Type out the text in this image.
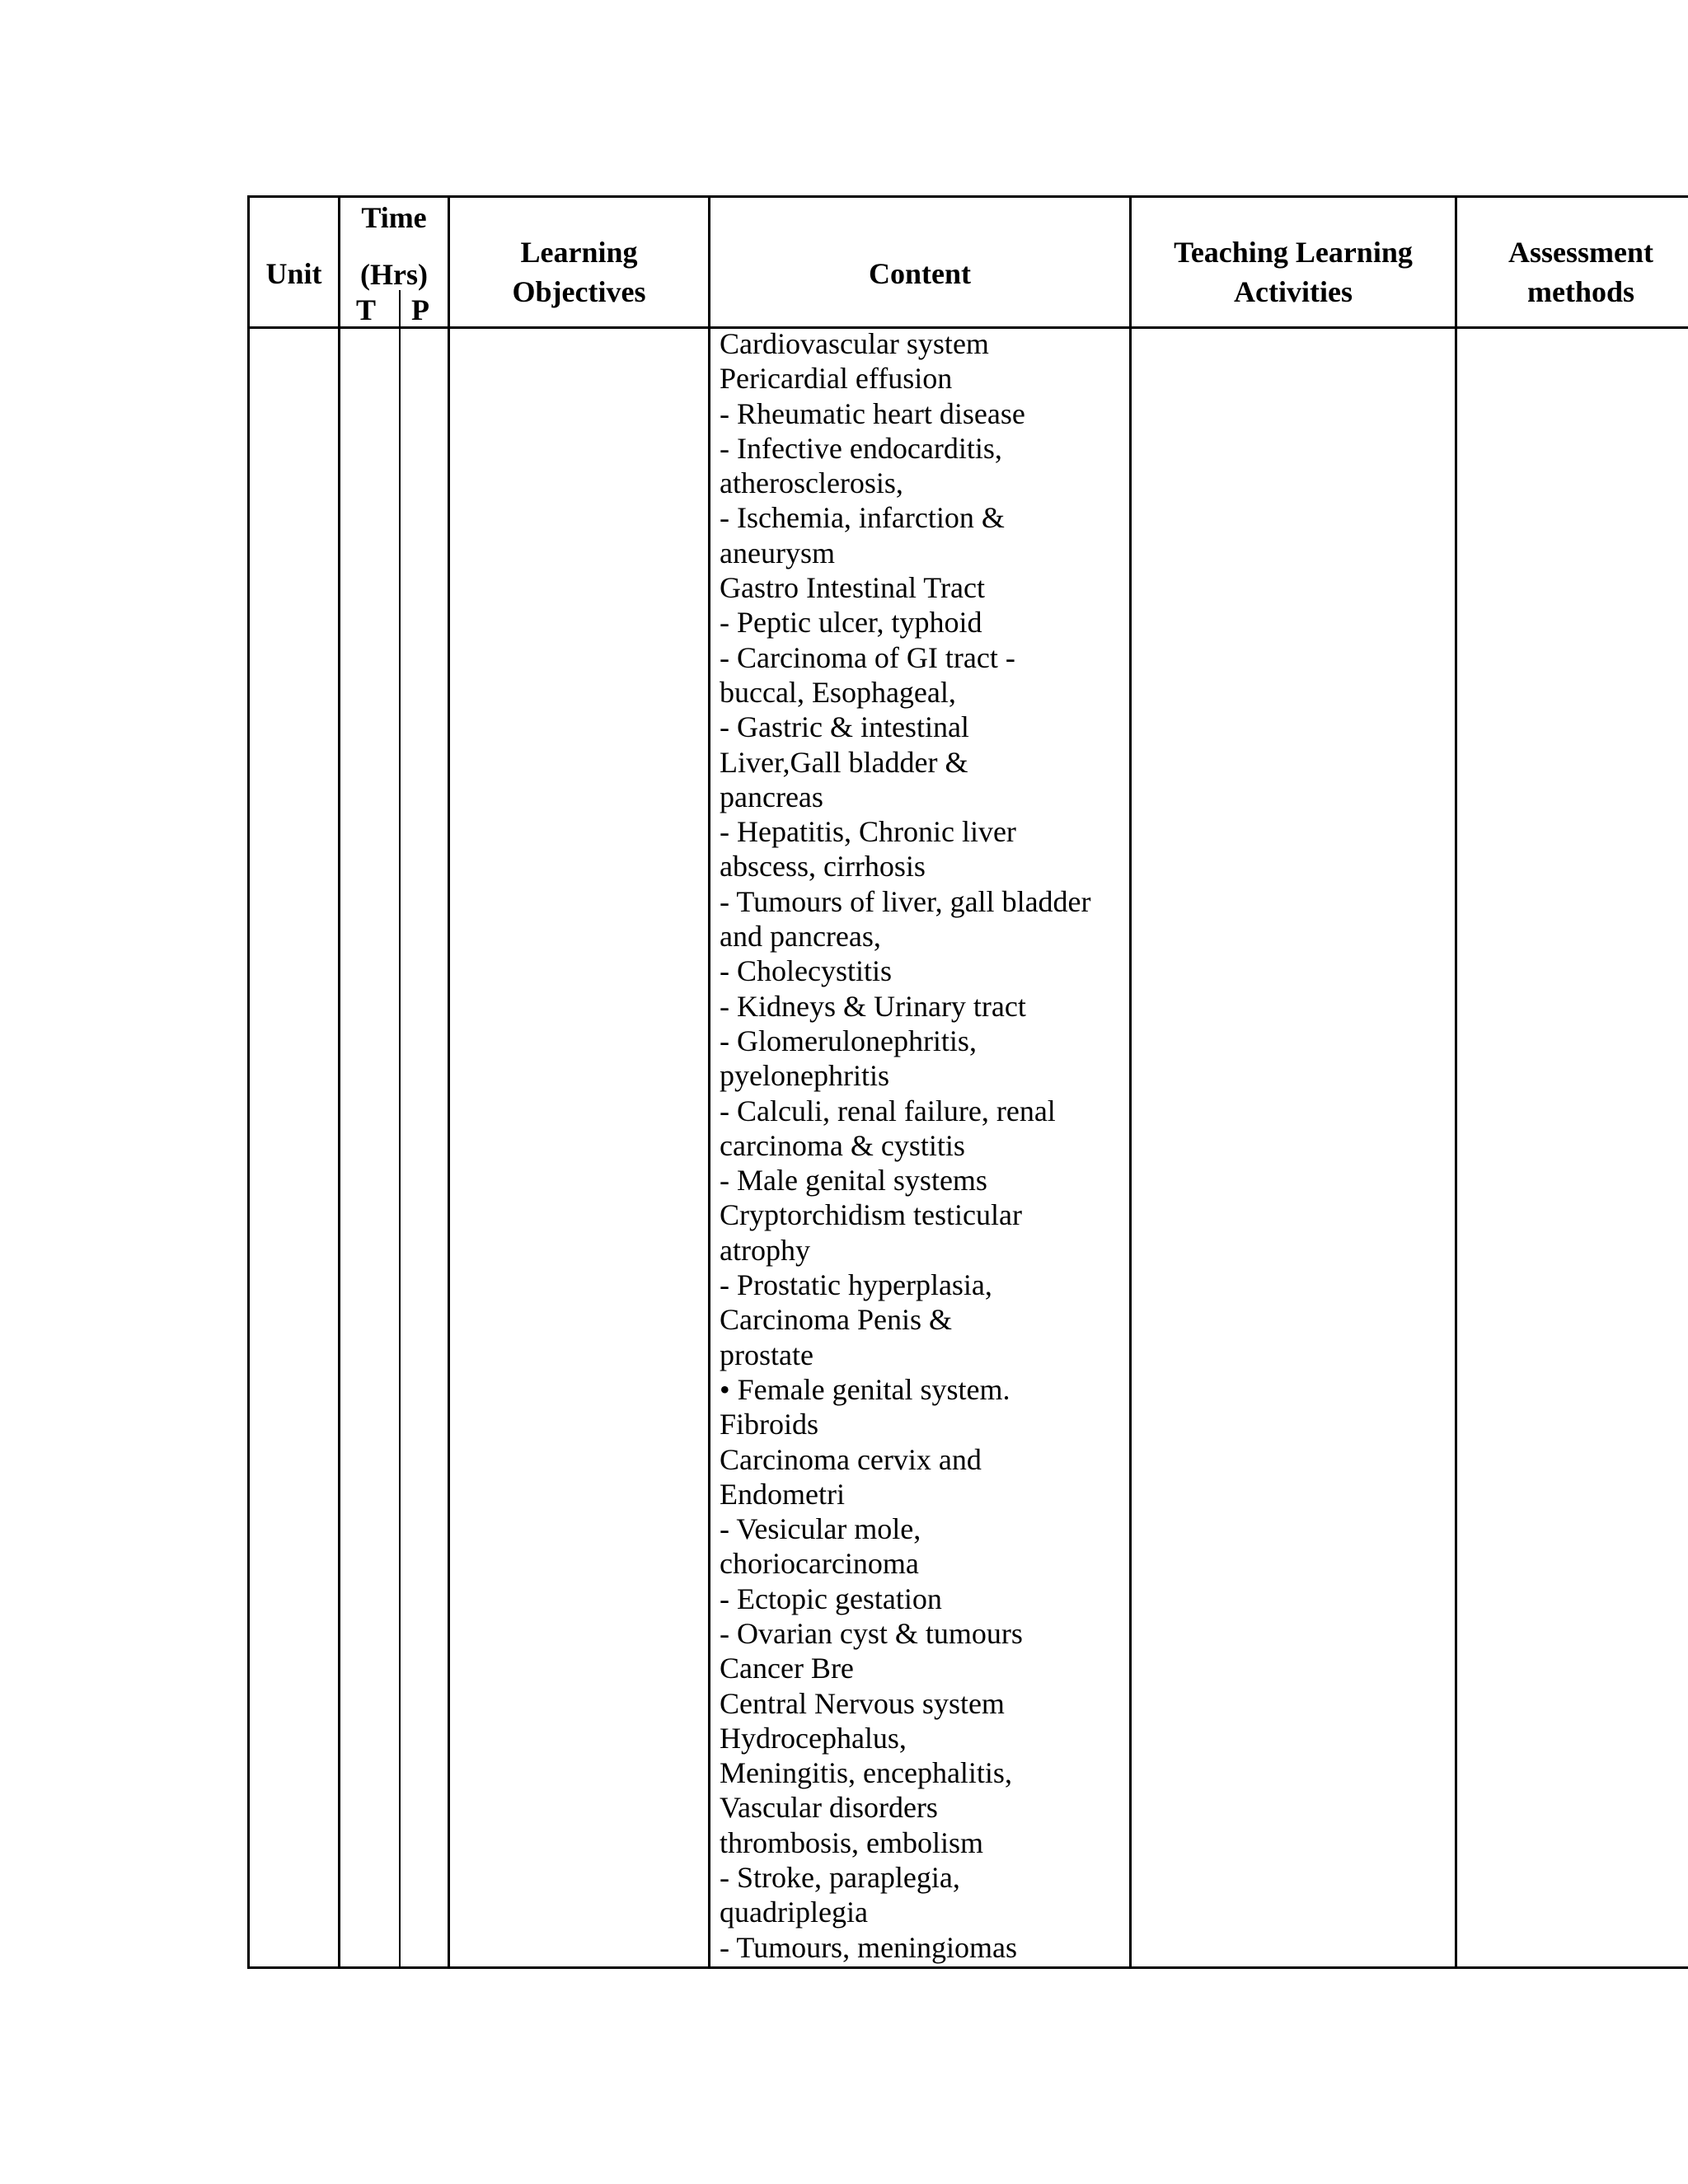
Unit
Time
(Hrs)
T P
Learning
Objectives
Content
Teaching Learning
Activities
Assessment
methods
Cardiovascular system
Pericardial effusion
- Rheumatic heart disease
- Infective endocarditis,
atherosclerosis,
- Ischemia, infarction &
aneurysm
Gastro Intestinal Tract
- Peptic ulcer, typhoid
- Carcinoma of GI tract -
buccal, Esophageal,
- Gastric & intestinal
Liver,Gall bladder &
pancreas
- Hepatitis, Chronic liver
abscess, cirrhosis
- Tumours of liver, gall bladder
and pancreas,
- Cholecystitis
- Kidneys & Urinary tract
- Glomerulonephritis,
pyelonephritis
- Calculi, renal failure, renal
carcinoma & cystitis
- Male genital systems
Cryptorchidism testicular
atrophy
- Prostatic hyperplasia,
Carcinoma Penis &
prostate
• Female genital system.
Fibroids
Carcinoma cervix and
Endometri
- Vesicular mole,
choriocarcinoma
- Ectopic gestation
- Ovarian cyst & tumours
Cancer Bre
Central Nervous system
Hydrocephalus,
Meningitis, encephalitis,
Vascular disorders
thrombosis, embolism
- Stroke, paraplegia,
quadriplegia
- Tumours, meningiomas
